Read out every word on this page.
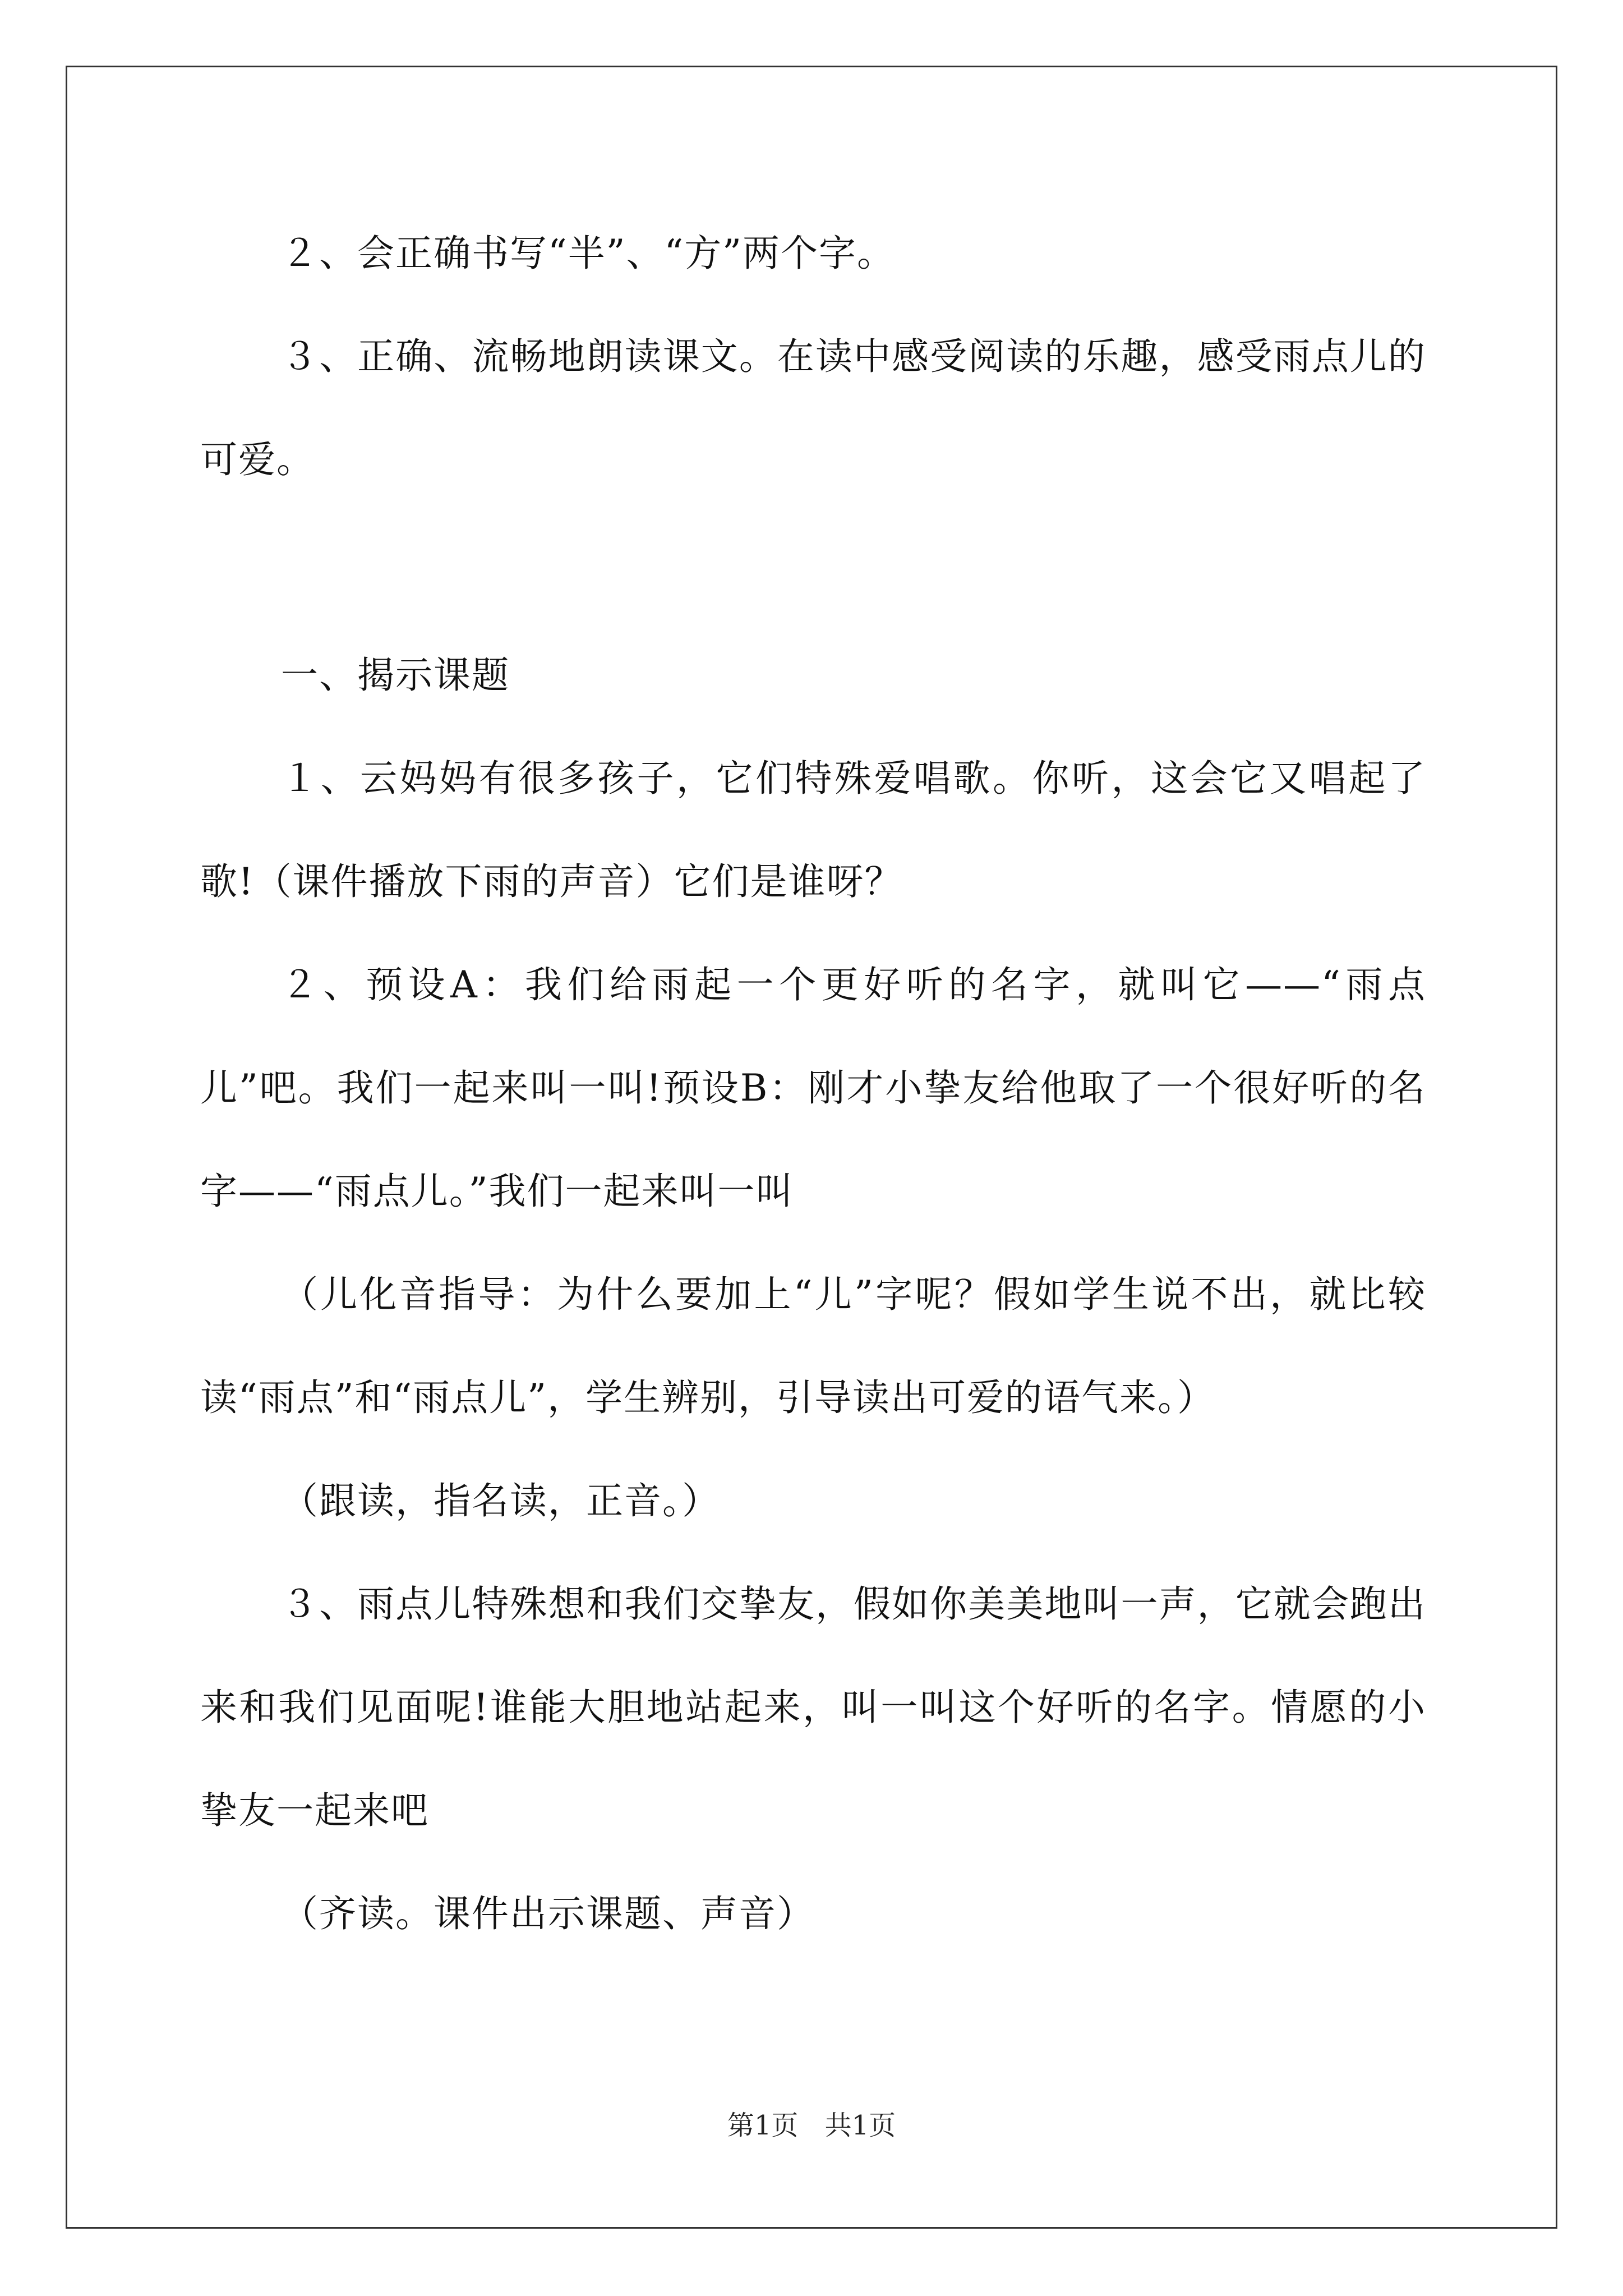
２、会正确书写“半”、“方”两个字。

３、正确、流畅地朗读课文。在读中感受阅读的乐趣，感受雨点儿的可爱。

一、揭示课题

１、云妈妈有很多孩子，它们特殊爱唱歌。你听，这会它又唱起了歌!（课件播放下雨的声音）它们是谁呀？

２、预设A：我们给雨起一个更好听的名字，就叫它——“雨点儿”吧。我们一起来叫一叫!预设B：刚才小挚友给他取了一个很好听的名字——“雨点儿。”我们一起来叫一叫

（儿化音指导：为什么要加上“儿”字呢？假如学生说不出，就比较读“雨点”和“雨点儿”，学生辨别，引导读出可爱的语气来。）

（跟读，指名读，正音。）

３、雨点儿特殊想和我们交挚友，假如你美美地叫一声，它就会跑出来和我们见面呢!谁能大胆地站起来，叫一叫这个好听的名字。情愿的小挚友一起来吧

（齐读。课件出示课题、声音）

第1页 共1页
